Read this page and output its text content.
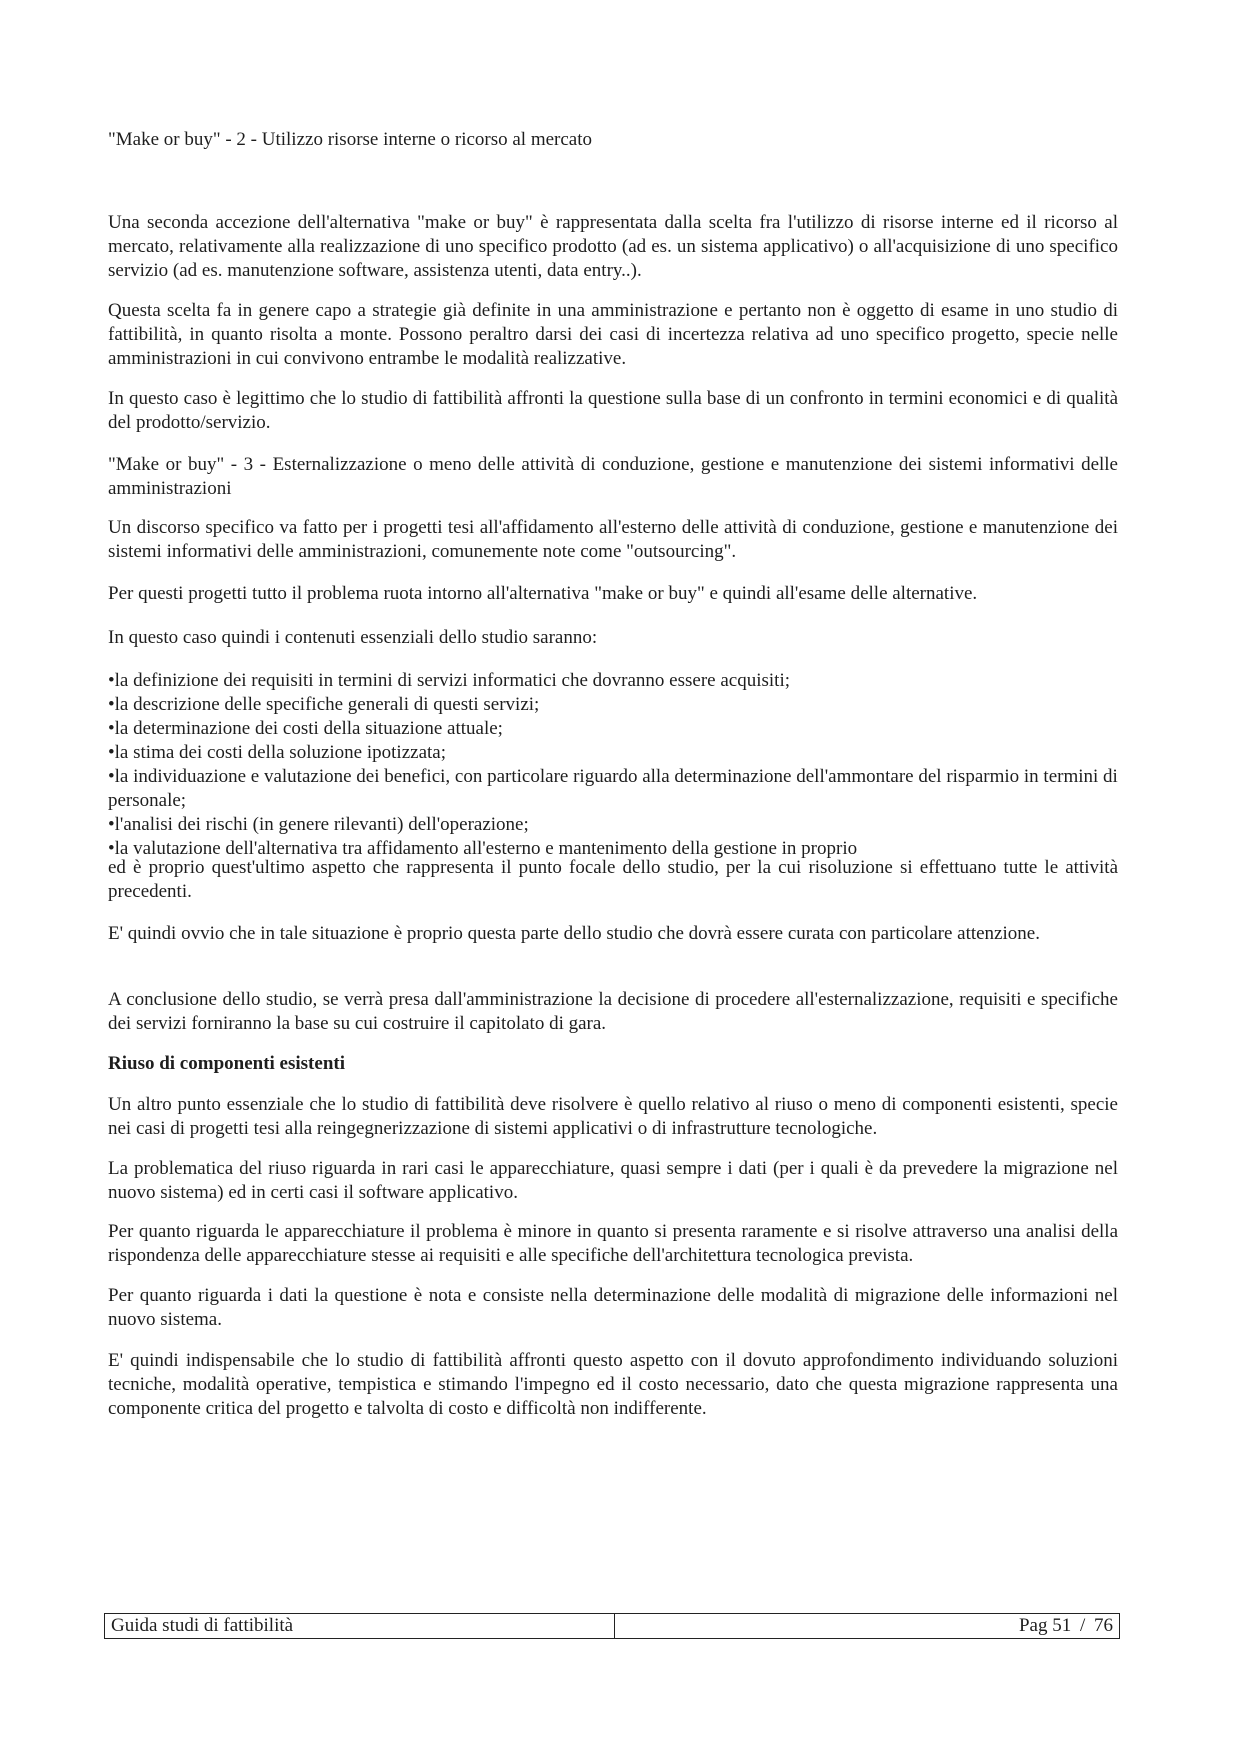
"Make or buy" - 2 - Utilizzo risorse interne o ricorso al mercato

Una seconda accezione dell'alternativa "make or buy" è rappresentata dalla scelta fra l'utilizzo di risorse interne ed il ricorso al mercato, relativamente alla realizzazione di uno specifico prodotto (ad es. un sistema applicativo) o all'acquisizione di uno specifico servizio (ad es. manutenzione software, assistenza utenti, data entry..).

Questa scelta fa in genere capo a strategie già definite in una amministrazione e pertanto non è oggetto di esame in uno studio di fattibilità, in quanto risolta a monte. Possono peraltro darsi dei casi di incertezza relativa ad uno specifico progetto, specie nelle amministrazioni in cui convivono entrambe le modalità realizzative.

In questo caso è legittimo che lo studio di fattibilità affronti la questione sulla base di un confronto in termini economici e di qualità del prodotto/servizio.

"Make or buy" - 3 - Esternalizzazione o meno delle attività di conduzione, gestione e manutenzione dei sistemi informativi delle amministrazioni

Un discorso specifico va fatto per i progetti tesi all'affidamento all'esterno delle attività di conduzione, gestione e manutenzione dei sistemi informativi delle amministrazioni, comunemente note come "outsourcing".

Per questi progetti tutto il problema ruota intorno all'alternativa "make or buy" e quindi all'esame delle alternative.

In questo caso quindi i contenuti essenziali dello studio saranno:

•la definizione dei requisiti in termini di servizi informatici che dovranno essere acquisiti;
•la descrizione delle specifiche generali di questi servizi;
•la determinazione dei costi della situazione attuale;
•la stima dei costi della soluzione ipotizzata;
•la individuazione e valutazione dei benefici, con particolare riguardo alla determinazione dell'ammontare del risparmio in termini di personale;
•l'analisi dei rischi (in genere rilevanti) dell'operazione;
•la valutazione dell'alternativa tra affidamento all'esterno e mantenimento della gestione in proprio

ed è proprio quest'ultimo aspetto che rappresenta il punto focale dello studio, per la cui risoluzione si effettuano tutte le attività precedenti.

E' quindi ovvio che in tale situazione è proprio questa parte dello studio che dovrà essere curata con particolare attenzione.

A conclusione dello studio, se verrà presa dall'amministrazione la decisione di procedere all'esternalizzazione, requisiti e specifiche dei servizi forniranno la base su cui costruire il capitolato di gara.

Riuso di componenti esistenti

Un altro punto essenziale che lo studio di fattibilità deve risolvere è quello relativo al riuso o meno di componenti esistenti, specie nei casi di progetti tesi alla reingegnerizzazione di sistemi applicativi o di infrastrutture tecnologiche.

La problematica del riuso riguarda in rari casi le apparecchiature, quasi sempre i dati (per i quali è da prevedere la migrazione nel nuovo sistema) ed in certi casi il software applicativo.

Per quanto riguarda le apparecchiature il problema è minore in quanto si presenta raramente e si risolve attraverso una analisi della rispondenza delle apparecchiature stesse ai requisiti e alle specifiche dell'architettura tecnologica prevista.

Per quanto riguarda i dati la questione è nota e consiste nella determinazione delle modalità di migrazione delle informazioni nel nuovo sistema.

E' quindi indispensabile che lo studio di fattibilità affronti questo aspetto con il dovuto approfondimento individuando soluzioni tecniche, modalità operative, tempistica e stimando l'impegno ed il costo necessario, dato che questa migrazione rappresenta una componente critica del progetto e talvolta di costo e difficoltà non indifferente.

Guida studi di fattibilità	Pag 51 / 76
